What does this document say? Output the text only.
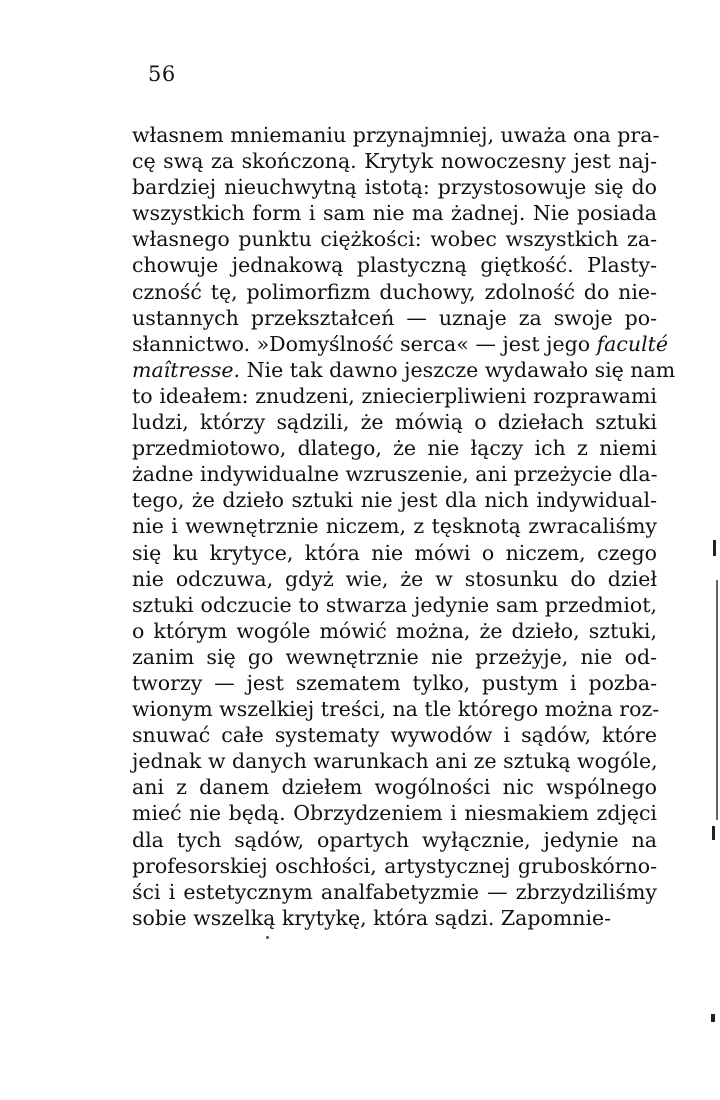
56
własnem mniemaniu przynajmniej, uważa ona pra-
cę swą za skończoną. Krytyk nowoczesny jest naj-
bardziej nieuchwytną istotą: przystosowuje się do
wszystkich form i sam nie ma żadnej. Nie posiada
własnego punktu ciężkości: wobec wszystkich za-
chowuje jednakową plastyczną giętkość. Plasty-
czność tę, polimorfizm duchowy, zdolność do nie-
ustannych przekształceń — uznaje za swoje po-
słannictwo. »Domyślność serca« — jest jego faculté
maîtresse. Nie tak dawno jeszcze wydawało się nam
to ideałem: znudzeni, zniecierpliwieni rozprawami
ludzi, którzy sądzili, że mówią o dziełach sztuki
przedmiotowo, dlatego, że nie łączy ich z niemi
żadne indywidualne wzruszenie, ani przeżycie dla-
tego, że dzieło sztuki nie jest dla nich indywidual-
nie i wewnętrznie niczem, z tęsknotą zwracaliśmy
się ku krytyce, która nie mówi o niczem, czego
nie odczuwa, gdyż wie, że w stosunku do dzieł
sztuki odczucie to stwarza jedynie sam przedmiot,
o którym wogóle mówić można, że dzieło, sztuki,
zanim się go wewnętrznie nie przeżyje, nie od-
tworzy — jest szematem tylko, pustym i pozba-
wionym wszelkiej treści, na tle którego można roz-
snuwać całe systematy wywodów i sądów, które
jednak w danych warunkach ani ze sztuką wogóle,
ani z danem dziełem wogólności nic wspólnego
mieć nie będą. Obrzydzeniem i niesmakiem zdjęci
dla tych sądów, opartych wyłącznie, jedynie na
profesorskiej oschłości, artystycznej gruboskórno-
ści i estetycznym analfabetyzmie — zbrzydziliśmy
sobie wszelką krytykę, która sądzi. Zapomnie-
